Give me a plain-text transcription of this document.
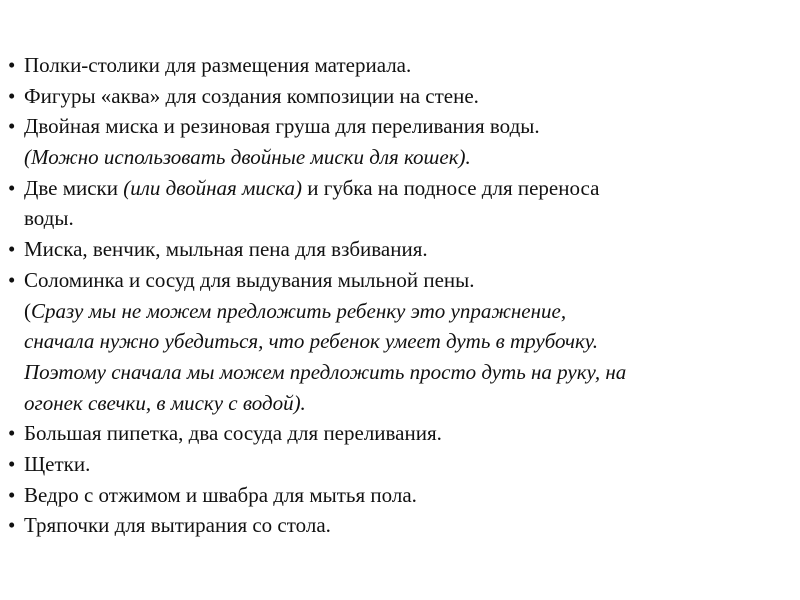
• Полки-столики для размещения материала.
• Фигуры «аква» для создания композиции на стене.
• Двойная миска и резиновая груша для переливания воды.
(Можно использовать двойные миски для кошек).
• Две миски (или двойная миска) и губка на подносе для переноса
воды.
• Миска, венчик, мыльная пена для взбивания.
• Соломинка и сосуд для выдувания мыльной пены.
(Сразу мы не можем предложить ребенку это упражнение,
сначала нужно убедиться, что ребенок умеет дуть в трубочку.
Поэтому сначала мы можем предложить просто дуть на руку, на
огонек свечки, в миску с водой).
• Большая пипетка, два сосуда для переливания.
• Щетки.
• Ведро с отжимом и швабра для мытья пола.
• Тряпочки для вытирания со стола.
